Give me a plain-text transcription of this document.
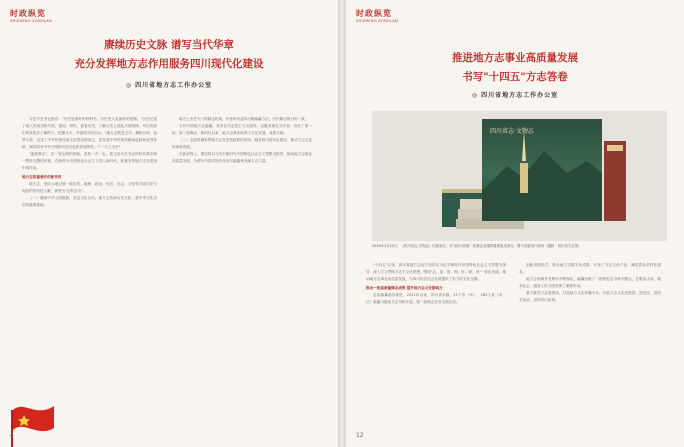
时政纵览
SHIZHENG ZONGLAN
赓续历史文脉 谱写当代华章
充分发挥地方志作用服务四川现代化建设
◎ 四川省地方志工作办公室

习近平总书记指出："历史是最好的教科书，历史是人类最好的老师。"历史记述了前人的成功和失败、重视、研究、借鉴历史，了解历史上治乱兴衰规律，可以给我们带来很多了解昨天、把握今天、开创明天的启示。"地方志既是古今、横跨百科、包罗万象，记述了中华民族传承文化的各种形态，是发展中华民族的精神血脉和优秀传统，保持原有中华文明的历史记忆和民族特性。""一方之全史"

"盛世修志"，在一轮全面的成就，坚持一方一志，是习近平总书记的时代要求和一整套完整的体系，在新时代中国特色社会主义进入新时代，积极发挥地方志在建设中的作用。

地方志的重要作用和作用

地方志，是综合地记载一地自然、地理、政治、经济、社会、文化等方面历史与现状的资料性文献，被誉为"百科全书"。

（一）赓续中华文明根脉，坚定文化自信。地方志传承历史文化，是中华文化自信的重要基础。

地方上历史专门的修志机构，作者和有益的出版编纂方法。历代修志的目的一致。

当代中国地方志编纂，坚持以马克思主义为指导，以服务现实为宗旨，历经了第一轮、第二轮修志。新时代以来，地方志事业取得了长足发展，成果丰硕。

（二）全面准确发挥地方志存史资政教化作用，服务四川现代化建设，推动方志文化传承和发展。

在新征程上，要坚持以习近平新时代中国特色社会主义思想为指导，推动地方志事业高质量发展，为谱写中国式现代化四川新篇章贡献方志力量。

4
时政纵览
SHIZHENG ZONGLAN
推进地方志事业高质量发展
书写"十四五"方志答卷
◎ 四川省地方志工作办公室
四川省志·文物志
2024年1月22日，《四川省志·文物志》出版发行，作为四川省第二轮修志成果的重要组成部分，图为出版发行现场（摄影：四川省方志馆）

"十四五"以来，四川省地方志部门坚持以习近平新时代中国特色社会主义思想为指导，深入学习贯彻习近平文化思想，围绕"志、鉴、馆、网、库、研、用"一体化发展，推动地方志事业高质量发展，为四川经济社会发展提供了有力的文化支撑。

推出一批高质量修志成果 提升地方志文化影响力

志鉴编纂稳步推进。2021年以来，四川省本级、21个市（州）、183个县（市、区）编纂出版地方志书和年鉴，第二轮修志任务全面完成。

创新出版形式，推出地方志数字化成果，开发了方志文化产品，满足群众多样化需求。

地方志资源开发利用不断深化，编纂出版了一批特色志书和专题志，在服务大局、服务社会、服务人民方面发挥了重要作用。

着力推进方志馆建设，打造地方文化传播平台，开展方志文化进校园、进社区、进机关活动，讲好四川故事。

12
